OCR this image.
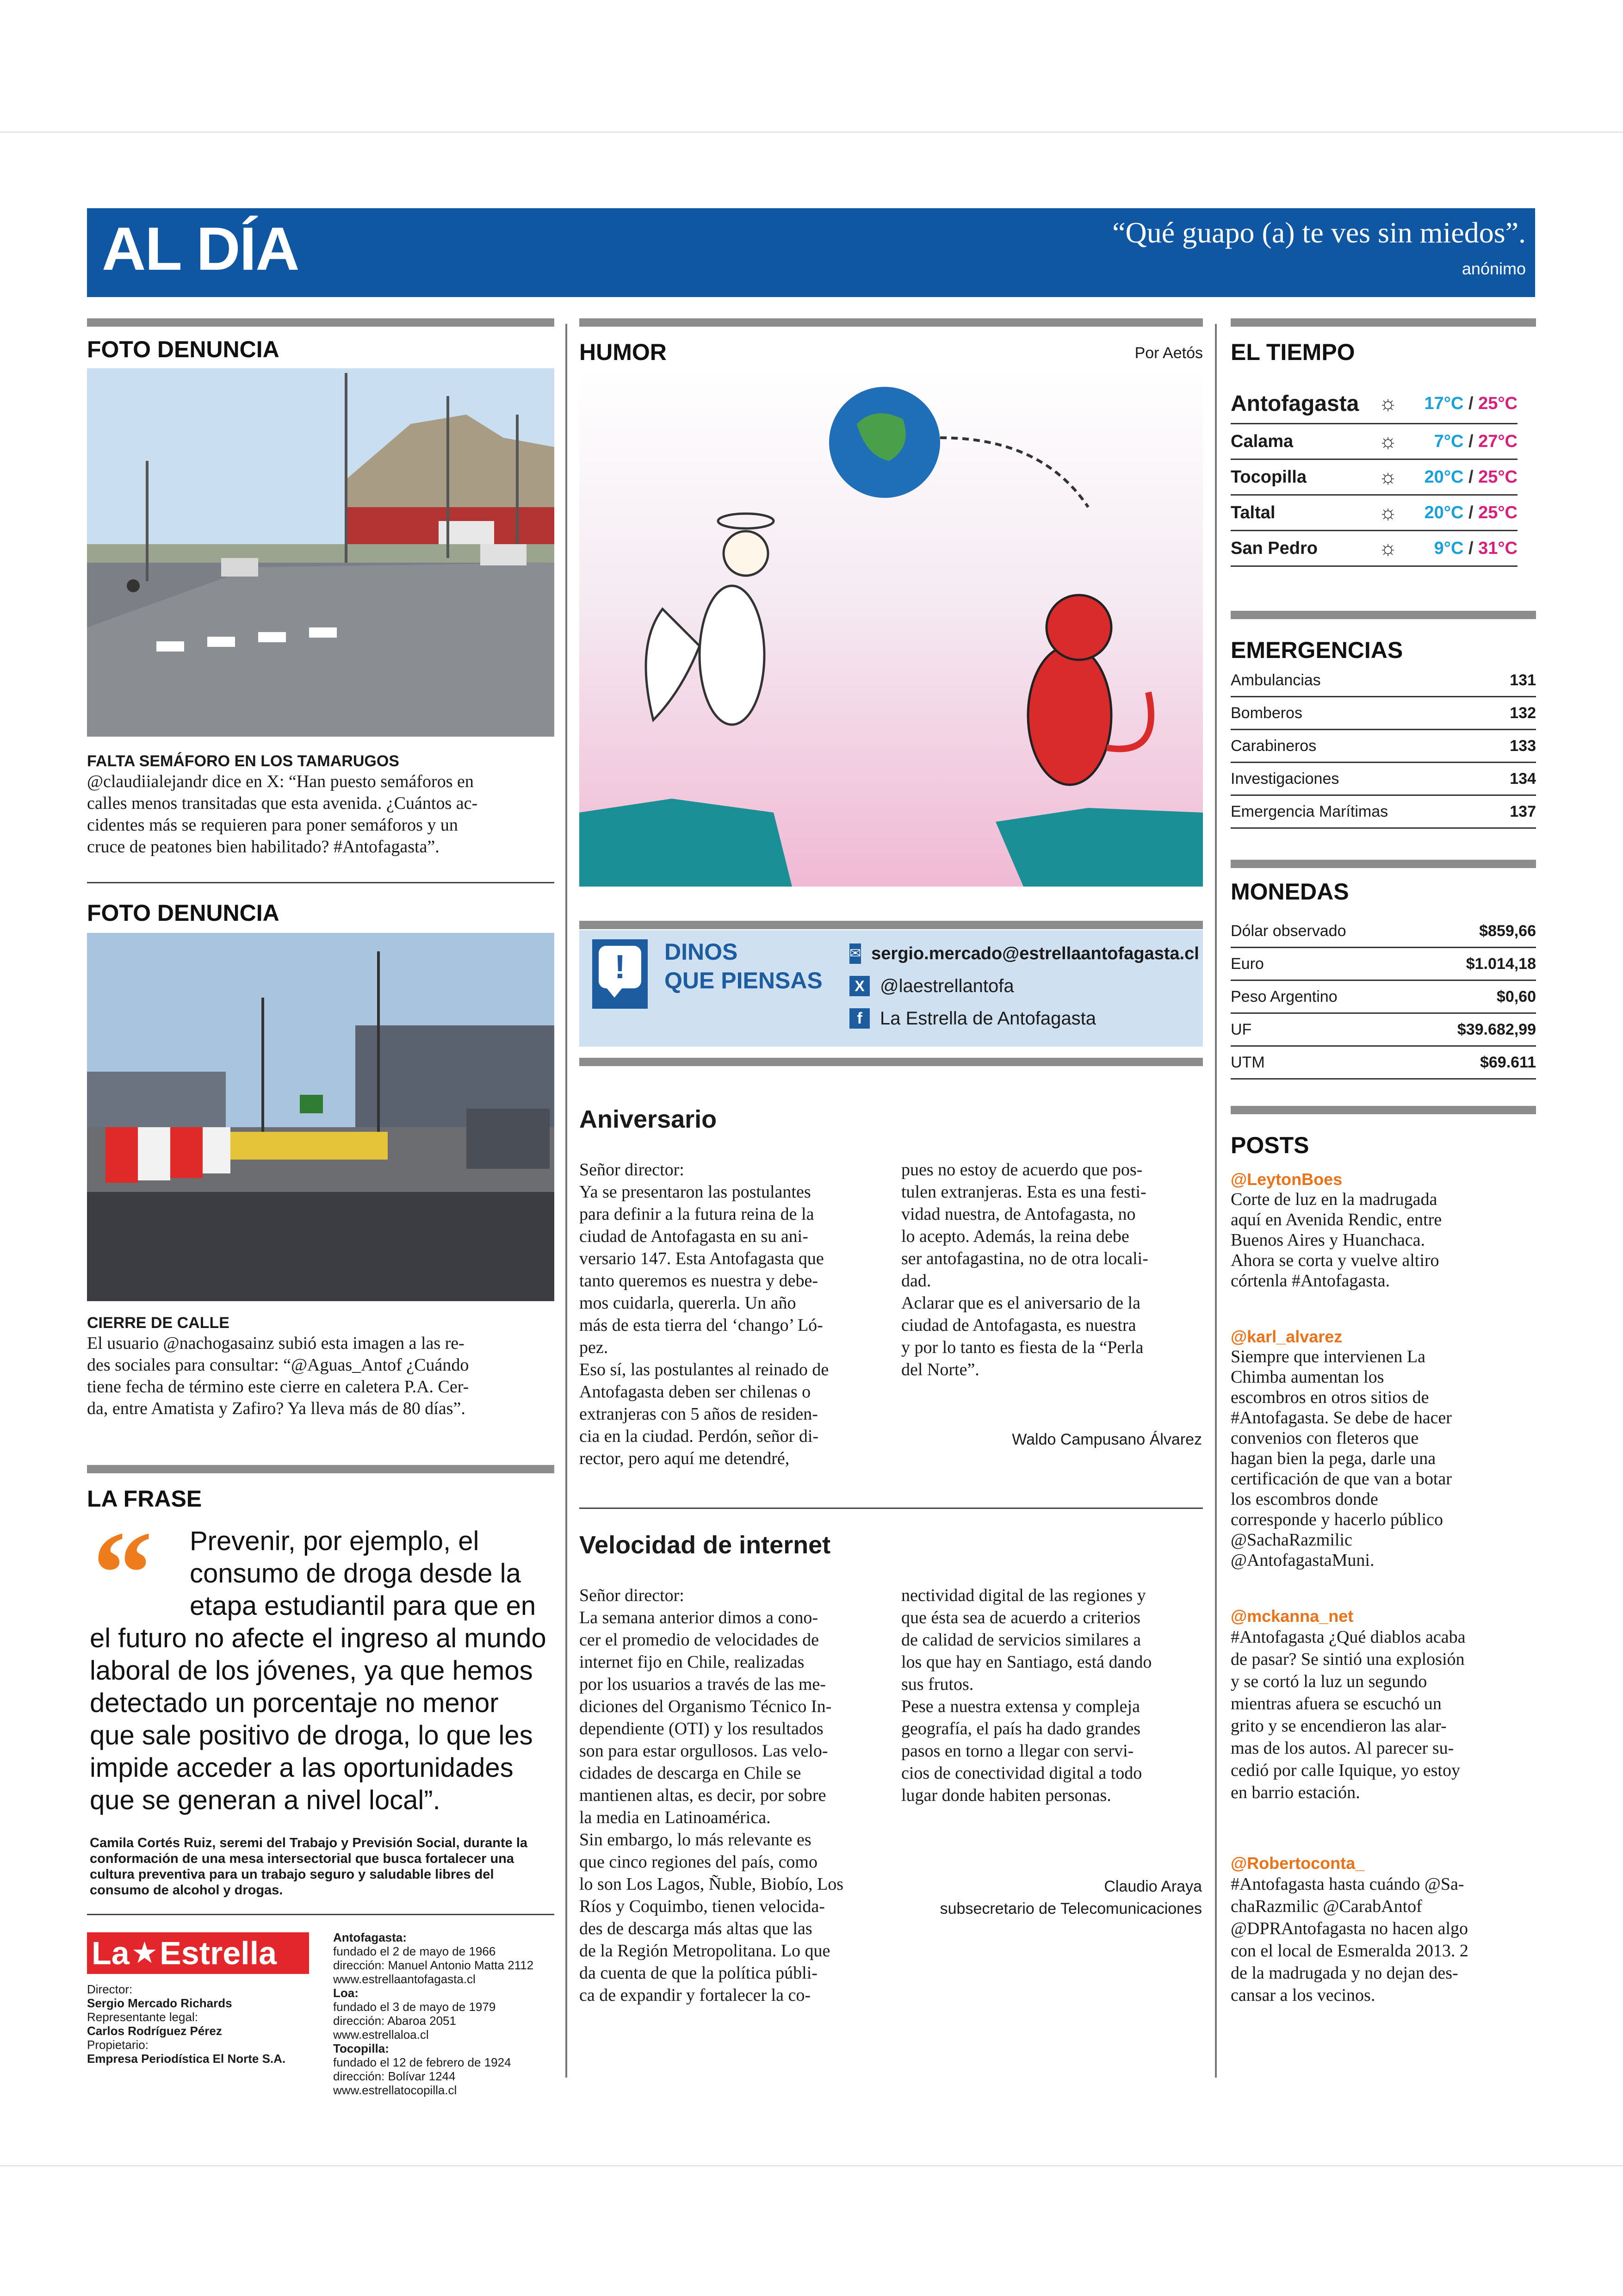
AL DÍA	“Qué guapo (a) te ves sin miedos”.
anónimo
FOTO DENUNCIA
FALTA SEMÁFORO EN LOS TAMARUGOS
@claudiialejandr dice en X: “Han puesto semáforos en
calles menos transitadas que esta avenida. ¿Cuántos ac-
cidentes más se requieren para poner semáforos y un
cruce de peatones bien habilitado? #Antofagasta”.
FOTO DENUNCIA
CIERRE DE CALLE
El usuario @nachogasainz subió esta imagen a las re-
des sociales para consultar: “@Aguas_Antof ¿Cuándo
tiene fecha de término este cierre en caletera P.A. Cer-
da, entre Amatista y Zafiro? Ya lleva más de 80 días”.
LA FRASE
“ Prevenir, por ejemplo, el
consumo de droga desde la
etapa estudiantil para que en
el futuro no afecte el ingreso al mundo
laboral de los jóvenes, ya que hemos
detectado un porcentaje no menor
que sale positivo de droga, lo que les
impide acceder a las oportunidades
que se generan a nivel local”.
Camila Cortés Ruiz, seremi del Trabajo y Previsión Social, durante la
conformación de una mesa intersectorial que busca fortalecer una
cultura preventiva para un trabajo seguro y saludable libres del
consumo de alcohol y drogas.
La ★ Estrella
Director:
Sergio Mercado Richards
Representante legal:
Carlos Rodríguez Pérez
Propietario:
Empresa Periodística El Norte S.A.
Antofagasta:
fundado el 2 de mayo de 1966
dirección: Manuel Antonio Matta 2112
www.estrellaantofagasta.cl
Loa:
fundado el 3 de mayo de 1979
dirección: Abaroa 2051
www.estrellaloa.cl
Tocopilla:
fundado el 12 de febrero de 1924
dirección: Bolívar 1244
www.estrellatocopilla.cl
HUMOR	Por Aetós
!	DINOS
QUE PIENSAS
✉ sergio.mercado@estrellaantofagasta.cl
X @laestrellantofa
f La Estrella de Antofagasta
Aniversario
Señor director:
Ya se presentaron las postulantes
para definir a la futura reina de la
ciudad de Antofagasta en su ani-
versario 147. Esta Antofagasta que
tanto queremos es nuestra y debe-
mos cuidarla, quererla. Un año
más de esta tierra del ‘chango’ Ló-
pez.
Eso sí, las postulantes al reinado de
Antofagasta deben ser chilenas o
extranjeras con 5 años de residen-
cia en la ciudad. Perdón, señor di-
rector, pero aquí me detendré,
pues no estoy de acuerdo que pos-
tulen extranjeras. Esta es una festi-
vidad nuestra, de Antofagasta, no
lo acepto. Además, la reina debe
ser antofagastina, no de otra locali-
dad.
Aclarar que es el aniversario de la
ciudad de Antofagasta, es nuestra
y por lo tanto es fiesta de la “Perla
del Norte”.
Waldo Campusano Álvarez
Velocidad de internet
Señor director:
La semana anterior dimos a cono-
cer el promedio de velocidades de
internet fijo en Chile, realizadas
por los usuarios a través de las me-
diciones del Organismo Técnico In-
dependiente (OTI) y los resultados
son para estar orgullosos. Las velo-
cidades de descarga en Chile se
mantienen altas, es decir, por sobre
la media en Latinoamérica.
Sin embargo, lo más relevante es
que cinco regiones del país, como
lo son Los Lagos, Ñuble, Biobío, Los
Ríos y Coquimbo, tienen velocida-
des de descarga más altas que las
de la Región Metropolitana. Lo que
da cuenta de que la política públi-
ca de expandir y fortalecer la co-
nectividad digital de las regiones y
que ésta sea de acuerdo a criterios
de calidad de servicios similares a
los que hay en Santiago, está dando
sus frutos.
Pese a nuestra extensa y compleja
geografía, el país ha dado grandes
pasos en torno a llegar con servi-
cios de conectividad digital a todo
lugar donde habiten personas.
Claudio Araya
subsecretario de Telecomunicaciones
EL TIEMPO
Antofagasta ☼	17°C / 25°C
Calama	☼	7°C / 27°C
Tocopilla	☼	20°C / 25°C
Taltal	☼	20°C / 25°C
San Pedro	☼	9°C / 31°C
EMERGENCIAS
Ambulancias	131
Bomberos	132
Carabineros	133
Investigaciones	134
Emergencia Marítimas	137
MONEDAS
Dólar observado	$859,66
Euro	$1.014,18
Peso Argentino	$0,60
UF	$39.682,99
UTM	$69.611
POSTS
@LeytonBoes
Corte de luz en la madrugada
aquí en Avenida Rendic, entre
Buenos Aires y Huanchaca.
Ahora se corta y vuelve altiro
córtenla #Antofagasta.
@karl_alvarez
Siempre que intervienen La
Chimba aumentan los
escombros en otros sitios de
#Antofagasta. Se debe de hacer
convenios con fleteros que
hagan bien la pega, darle una
certificación de que van a botar
los escombros donde
corresponde y hacerlo público
@SachaRazmilic
@AntofagastaMuni.
@mckanna_net
#Antofagasta ¿Qué diablos acaba
de pasar? Se sintió una explosión
y se cortó la luz un segundo
mientras afuera se escuchó un
grito y se encendieron las alar-
mas de los autos. Al parecer su-
cedió por calle Iquique, yo estoy
en barrio estación.
@Robertoconta_
#Antofagasta hasta cuándo @Sa-
chaRazmilic @CarabAntof
@DPRAntofagasta no hacen algo
con el local de Esmeralda 2013. 2
de la madrugada y no dejan des-
cansar a los vecinos.
